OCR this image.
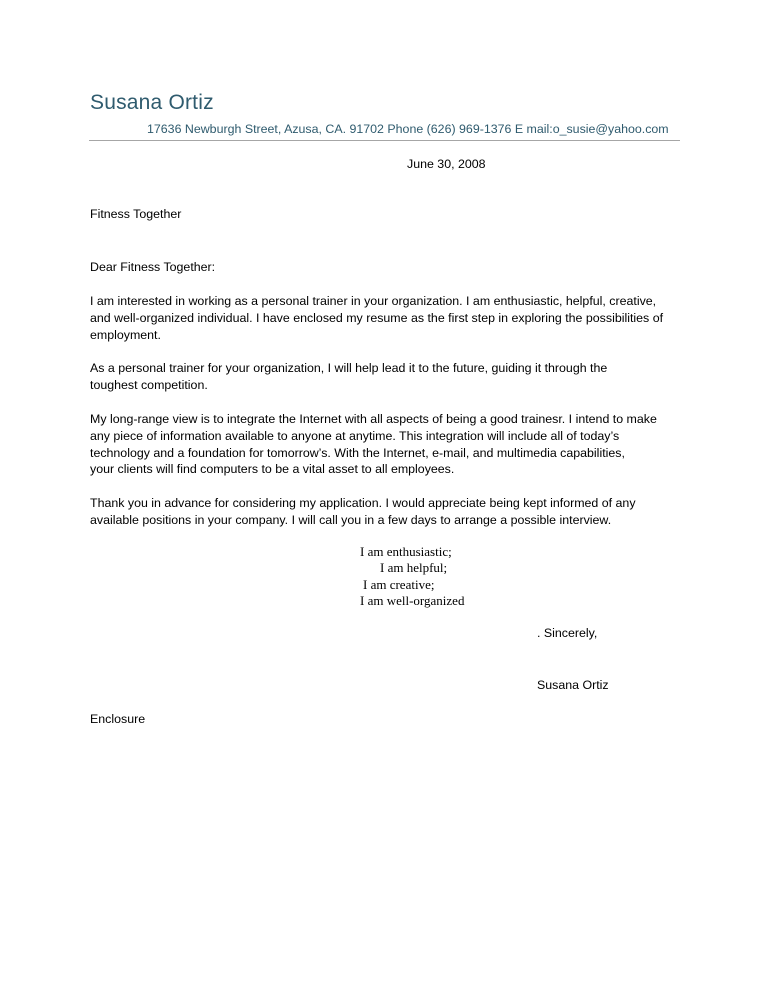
Susana Ortiz
17636 Newburgh Street, Azusa, CA. 91702 Phone (626) 969-1376 E mail:o_susie@yahoo.com
June 30, 2008
Fitness Together
Dear Fitness Together:
I am interested in working as a personal trainer in your organization. I am enthusiastic, helpful, creative,
and well-organized individual. I have enclosed my resume as the first step in exploring the possibilities of
employment.
As a personal trainer for your organization, I will help lead it to the future, guiding it through the
toughest competition.
My long-range view is to integrate the Internet with all aspects of being a good trainesr. I intend to make
any piece of information available to anyone at anytime. This integration will include all of today’s
technology and a foundation for tomorrow’s. With the Internet, e-mail, and multimedia capabilities,
your clients will find computers to be a vital asset to all employees.
Thank you in advance for considering my application. I would appreciate being kept informed of any
available positions in your company. I will call you in a few days to arrange a possible interview.
I am enthusiastic;
I am helpful;
I am creative;
I am well-organized
. Sincerely,
Susana Ortiz
Enclosure
